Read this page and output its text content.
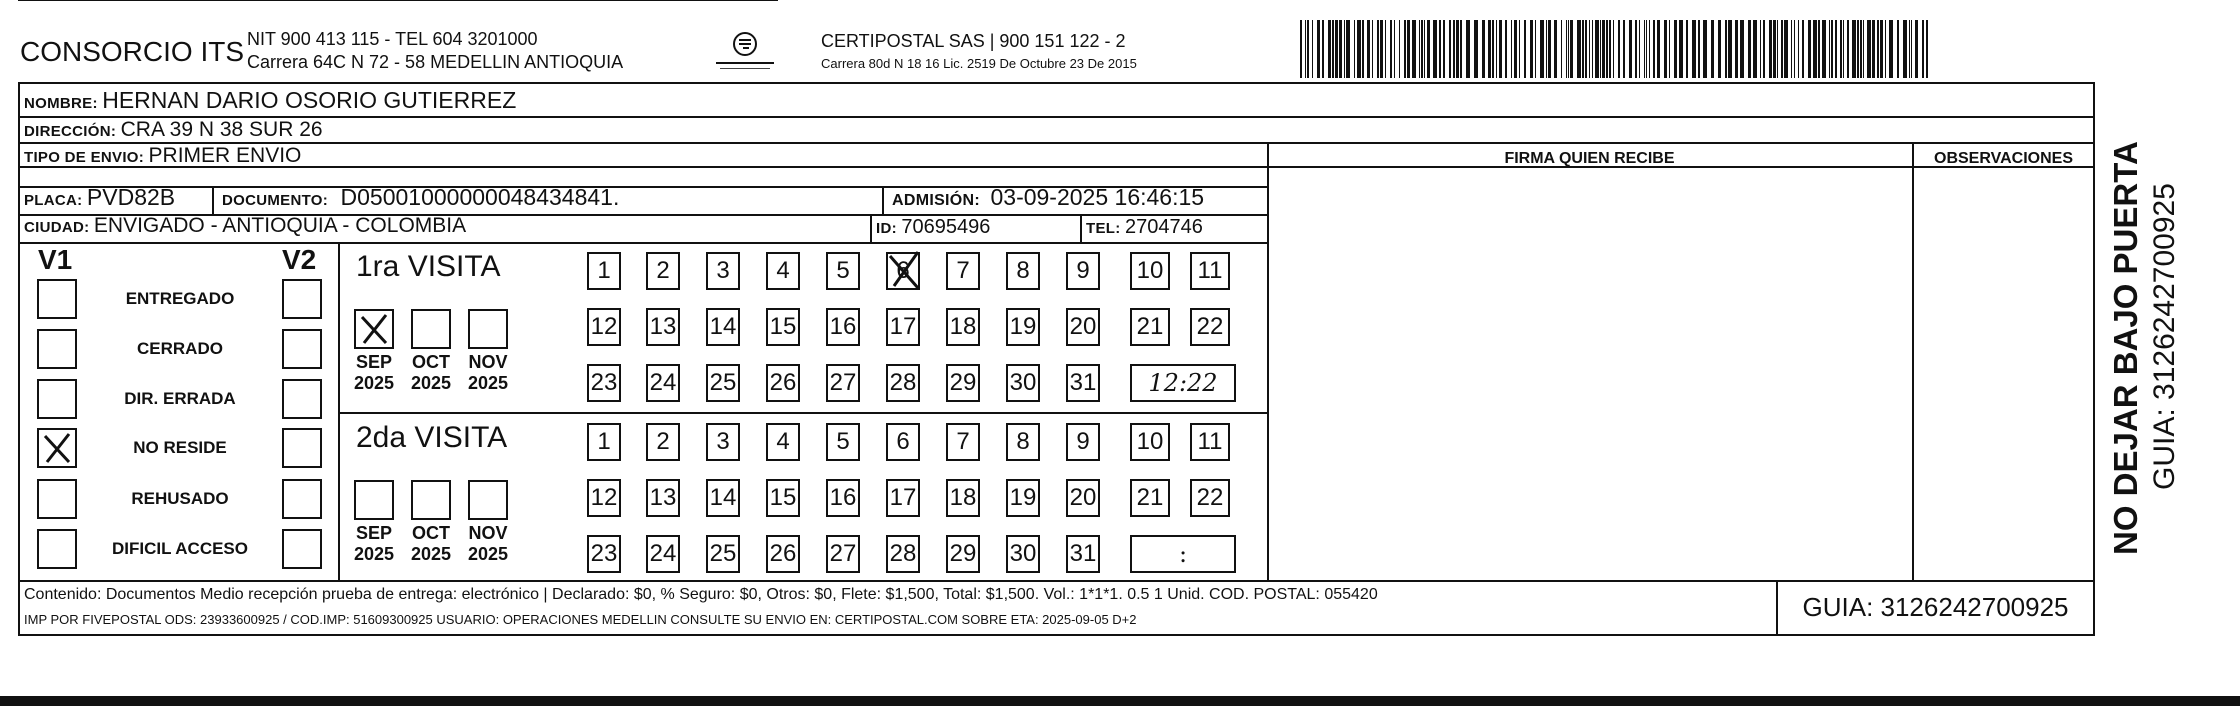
CONSORCIO ITS NIT 900 413 115 - TEL 604 3201000
Carrera 64C N 72 - 58 MEDELLIN ANTIOQUIA
CERTIPOSTAL SAS | 900 151 122 - 2
Carrera 80d N 18 16 Lic. 2519 De Octubre 23 De 2015
NOMBRE: HERNAN DARIO OSORIO GUTIERREZ
DIRECCIÓN: CRA 39 N 38 SUR 26
TIPO DE ENVIO: PRIMER ENVIO	FIRMA QUIEN RECIBE	OBSERVACIONES
PLACA: PVD82B	DOCUMENTO: D05001000000048434841.	ADMISIÓN: 03-09-2025 16:46:15
CIUDAD: ENVIGADO - ANTIOQUIA - COLOMBIA	ID: 70695496	TEL: 2704746
V1	V2
ENTREGADO
CERRADO
DIR. ERRADA
NO RESIDE
REHUSADO
DIFICIL ACCESO
1ra VISITA
SEP
2025
OCT
2025
NOV
2025
1	2	3	4	5	6	7	8	9	10	11
12 13 14 15 16 17 18 19 20 21 22
23 24 25 26 27 28 29 30 31	12:22
2da VISITA
SEP
2025
OCT
2025
NOV
2025
1	2	3	4	5	6	7	8	9	10	11
12 13 14 15 16 17 18 19 20 21 22
23 24 25 26 27 28 29 30 31	:
Contenido: Documentos Medio recepción prueba de entrega: electrónico | Declarado: $0, % Seguro: $0, Otros: $0, Flete: $1,500, Total: $1,500. Vol.: 1*1*1. 0.5 1 Unid. COD. POSTAL: 055420
IMP POR FIVEPOSTAL ODS: 23933600925 / COD.IMP: 51609300925 USUARIO: OPERACIONES MEDELLIN CONSULTE SU ENVIO EN: CERTIPOSTAL.COM SOBRE ETA: 2025-09-05 D+2	GUIA: 3126242700925
NO DEJAR BAJO PUERTA GUIA: 3126242700925
